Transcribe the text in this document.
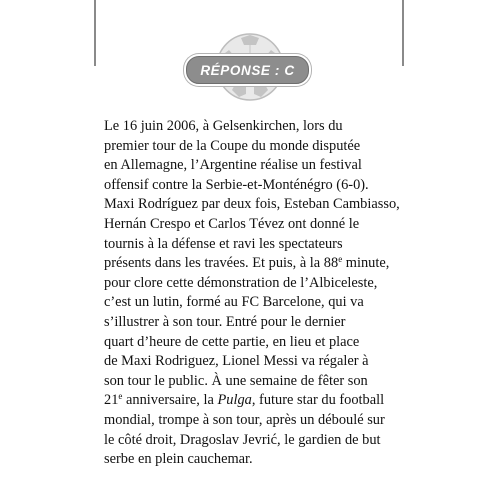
RÉPONSE : C
Le 16 juin 2006, à Gelsenkirchen, lors du
premier tour de la Coupe du monde disputée
en Allemagne, l’Argentine réalise un festival
offensif contre la Serbie-et-Monténégro (6-0).
Maxi Rodríguez par deux fois, Esteban Cambiasso,
Hernán Crespo et Carlos Tévez ont donné le
tournis à la défense et ravi les spectateurs
présents dans les travées. Et puis, à la 88e minute,
pour clore cette démonstration de l’Albiceleste,
c’est un lutin, formé au FC Barcelone, qui va
s’illustrer à son tour. Entré pour le dernier
quart d’heure de cette partie, en lieu et place
de Maxi Rodriguez, Lionel Messi va régaler à
son tour le public. À une semaine de fêter son
21e anniversaire, la Pulga, future star du football
mondial, trompe à son tour, après un déboulé sur
le côté droit, Dragoslav Jevrić, le gardien de but
serbe en plein cauchemar.
